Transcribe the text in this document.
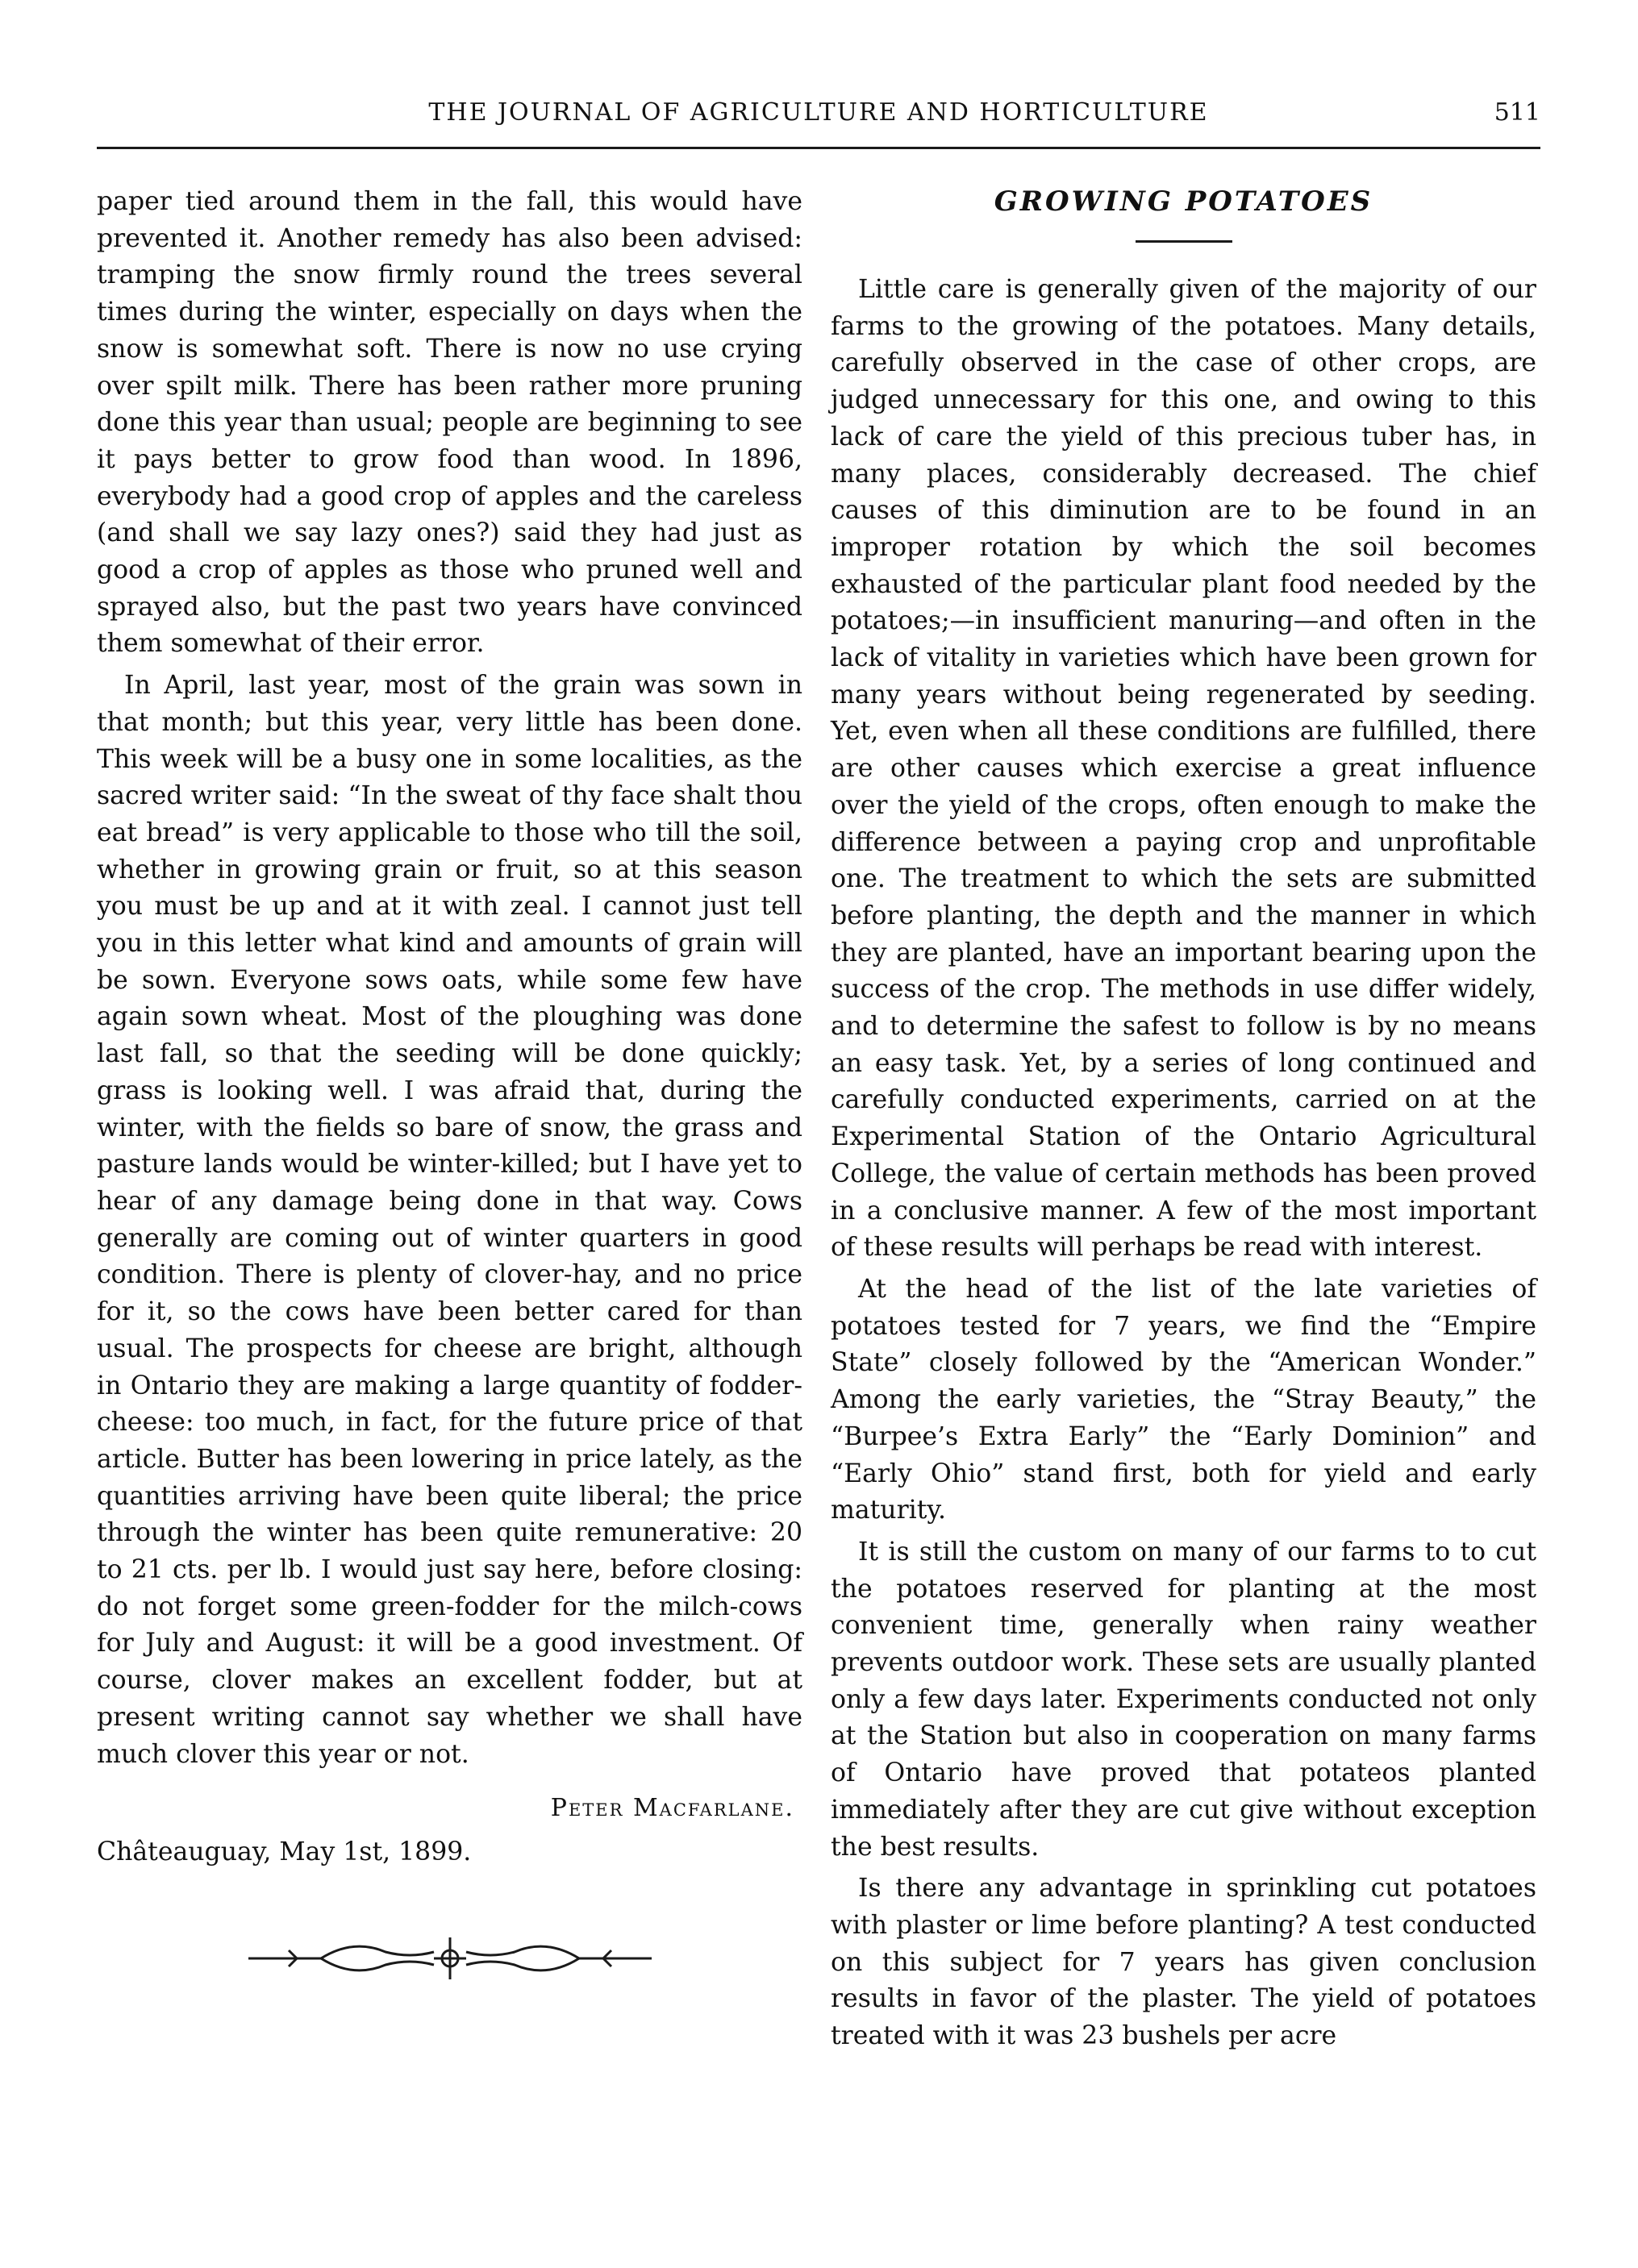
THE JOURNAL OF AGRICULTURE AND HORTICULTURE	511

paper tied around them in the fall, this would have prevented it. Another remedy has also been advised: tramping the snow firmly round the trees several times during the winter, especially on days when the snow is somewhat soft. There is now no use crying over spilt milk. There has been rather more pruning done this year than usual; people are beginning to see it pays better to grow food than wood. In 1896, everybody had a good crop of apples and the careless (and shall we say lazy ones?) said they had just as good a crop of apples as those who pruned well and sprayed also, but the past two years have convinced them somewhat of their error.

In April, last year, most of the grain was sown in that month; but this year, very little has been done. This week will be a busy one in some localities, as the sacred writer said: “In the sweat of thy face shalt thou eat bread” is very applicable to those who till the soil, whether in growing grain or fruit, so at this season you must be up and at it with zeal. I cannot just tell you in this letter what kind and amounts of grain will be sown. Everyone sows oats, while some few have again sown wheat. Most of the ploughing was done last fall, so that the seeding will be done quickly; grass is looking well. I was afraid that, during the winter, with the fields so bare of snow, the grass and pasture lands would be winter-killed; but I have yet to hear of any damage being done in that way. Cows generally are coming out of winter quarters in good condition. There is plenty of clover-hay, and no price for it, so the cows have been better cared for than usual. The prospects for cheese are bright, although in Ontario they are making a large quantity of fodder-cheese: too much, in fact, for the future price of that article. Butter has been lowering in price lately, as the quantities arriving have been quite liberal; the price through the winter has been quite remunerative: 20 to 21 cts. per lb. I would just say here, before closing: do not forget some green-fodder for the milch-cows for July and August: it will be a good investment. Of course, clover makes an excellent fodder, but at present writing cannot say whether we shall have much clover this year or not.

Peter Macfarlane.
Châteauguay, May 1st, 1899.
GROWING POTATOES

Little care is generally given of the majority of our farms to the growing of the potatoes. Many details, carefully observed in the case of other crops, are judged unnecessary for this one, and owing to this lack of care the yield of this precious tuber has, in many places, considerably decreased. The chief causes of this diminution are to be found in an improper rotation by which the soil becomes exhausted of the particular plant food needed by the potatoes;—in insufficient manuring—and often in the lack of vitality in varieties which have been grown for many years without being regenerated by seeding. Yet, even when all these conditions are fulfilled, there are other causes which exercise a great influence over the yield of the crops, often enough to make the difference between a paying crop and unprofitable one. The treatment to which the sets are submitted before planting, the depth and the manner in which they are planted, have an important bearing upon the success of the crop. The methods in use differ widely, and to determine the safest to follow is by no means an easy task. Yet, by a series of long continued and carefully conducted experiments, carried on at the Experimental Station of the Ontario Agricultural College, the value of certain methods has been proved in a conclusive manner. A few of the most important of these results will perhaps be read with interest.

At the head of the list of the late varieties of potatoes tested for 7 years, we find the “Empire State” closely followed by the “American Wonder.” Among the early varieties, the “Stray Beauty,” the “Burpee’s Extra Early” the “Early Dominion” and “Early Ohio” stand first, both for yield and early maturity.

It is still the custom on many of our farms to to cut the potatoes reserved for planting at the most convenient time, generally when rainy weather prevents outdoor work. These sets are usually planted only a few days later. Experiments conducted not only at the Station but also in cooperation on many farms of Ontario have proved that potateos planted immediately after they are cut give without exception the best results.

Is there any advantage in sprinkling cut potatoes with plaster or lime before planting? A test conducted on this subject for 7 years has given conclusion results in favor of the plaster. The yield of potatoes treated with it was 23 bushels per acre
